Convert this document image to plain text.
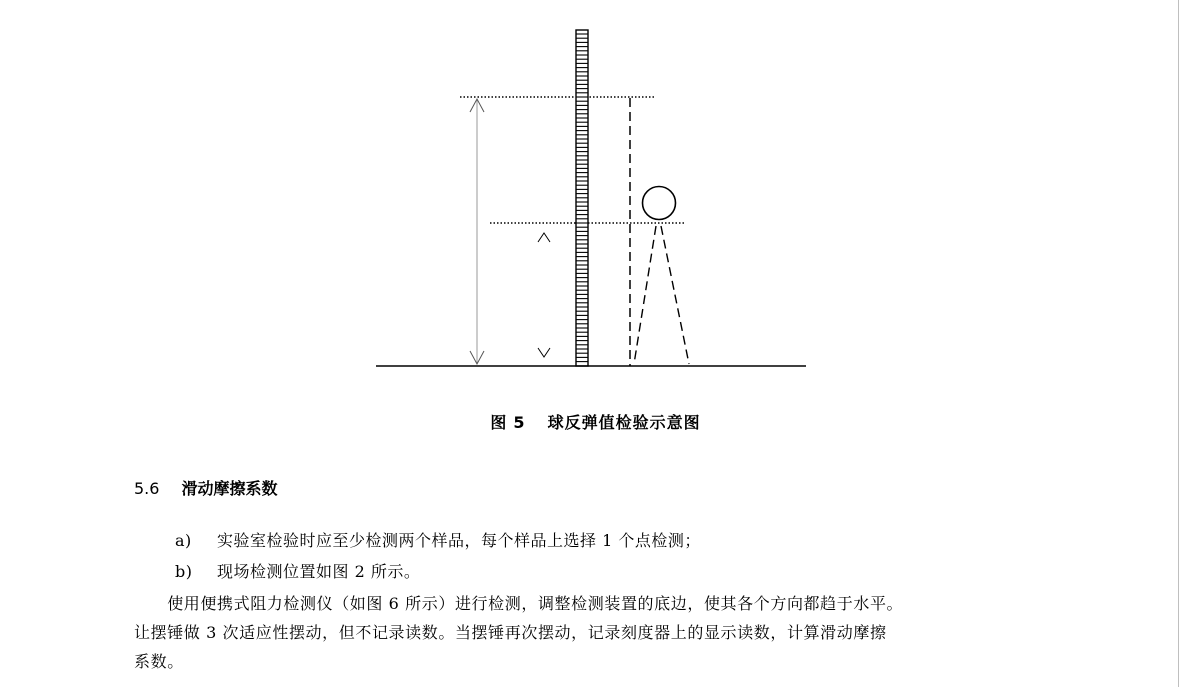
图 5 球反弹值检验示意图
5.6 滑动摩擦系数
a) 实验室检验时应至少检测两个样品，每个样品上选择 1 个点检测；
b) 现场检测位置如图 2 所示。
　　使用便携式阻力检测仪（如图 6 所示）进行检测，调整检测装置的底边，使其各个方向都趋于水平。
让摆锤做 3 次适应性摆动，但不记录读数。当摆锤再次摆动，记录刻度器上的显示读数，计算滑动摩擦
系数。
